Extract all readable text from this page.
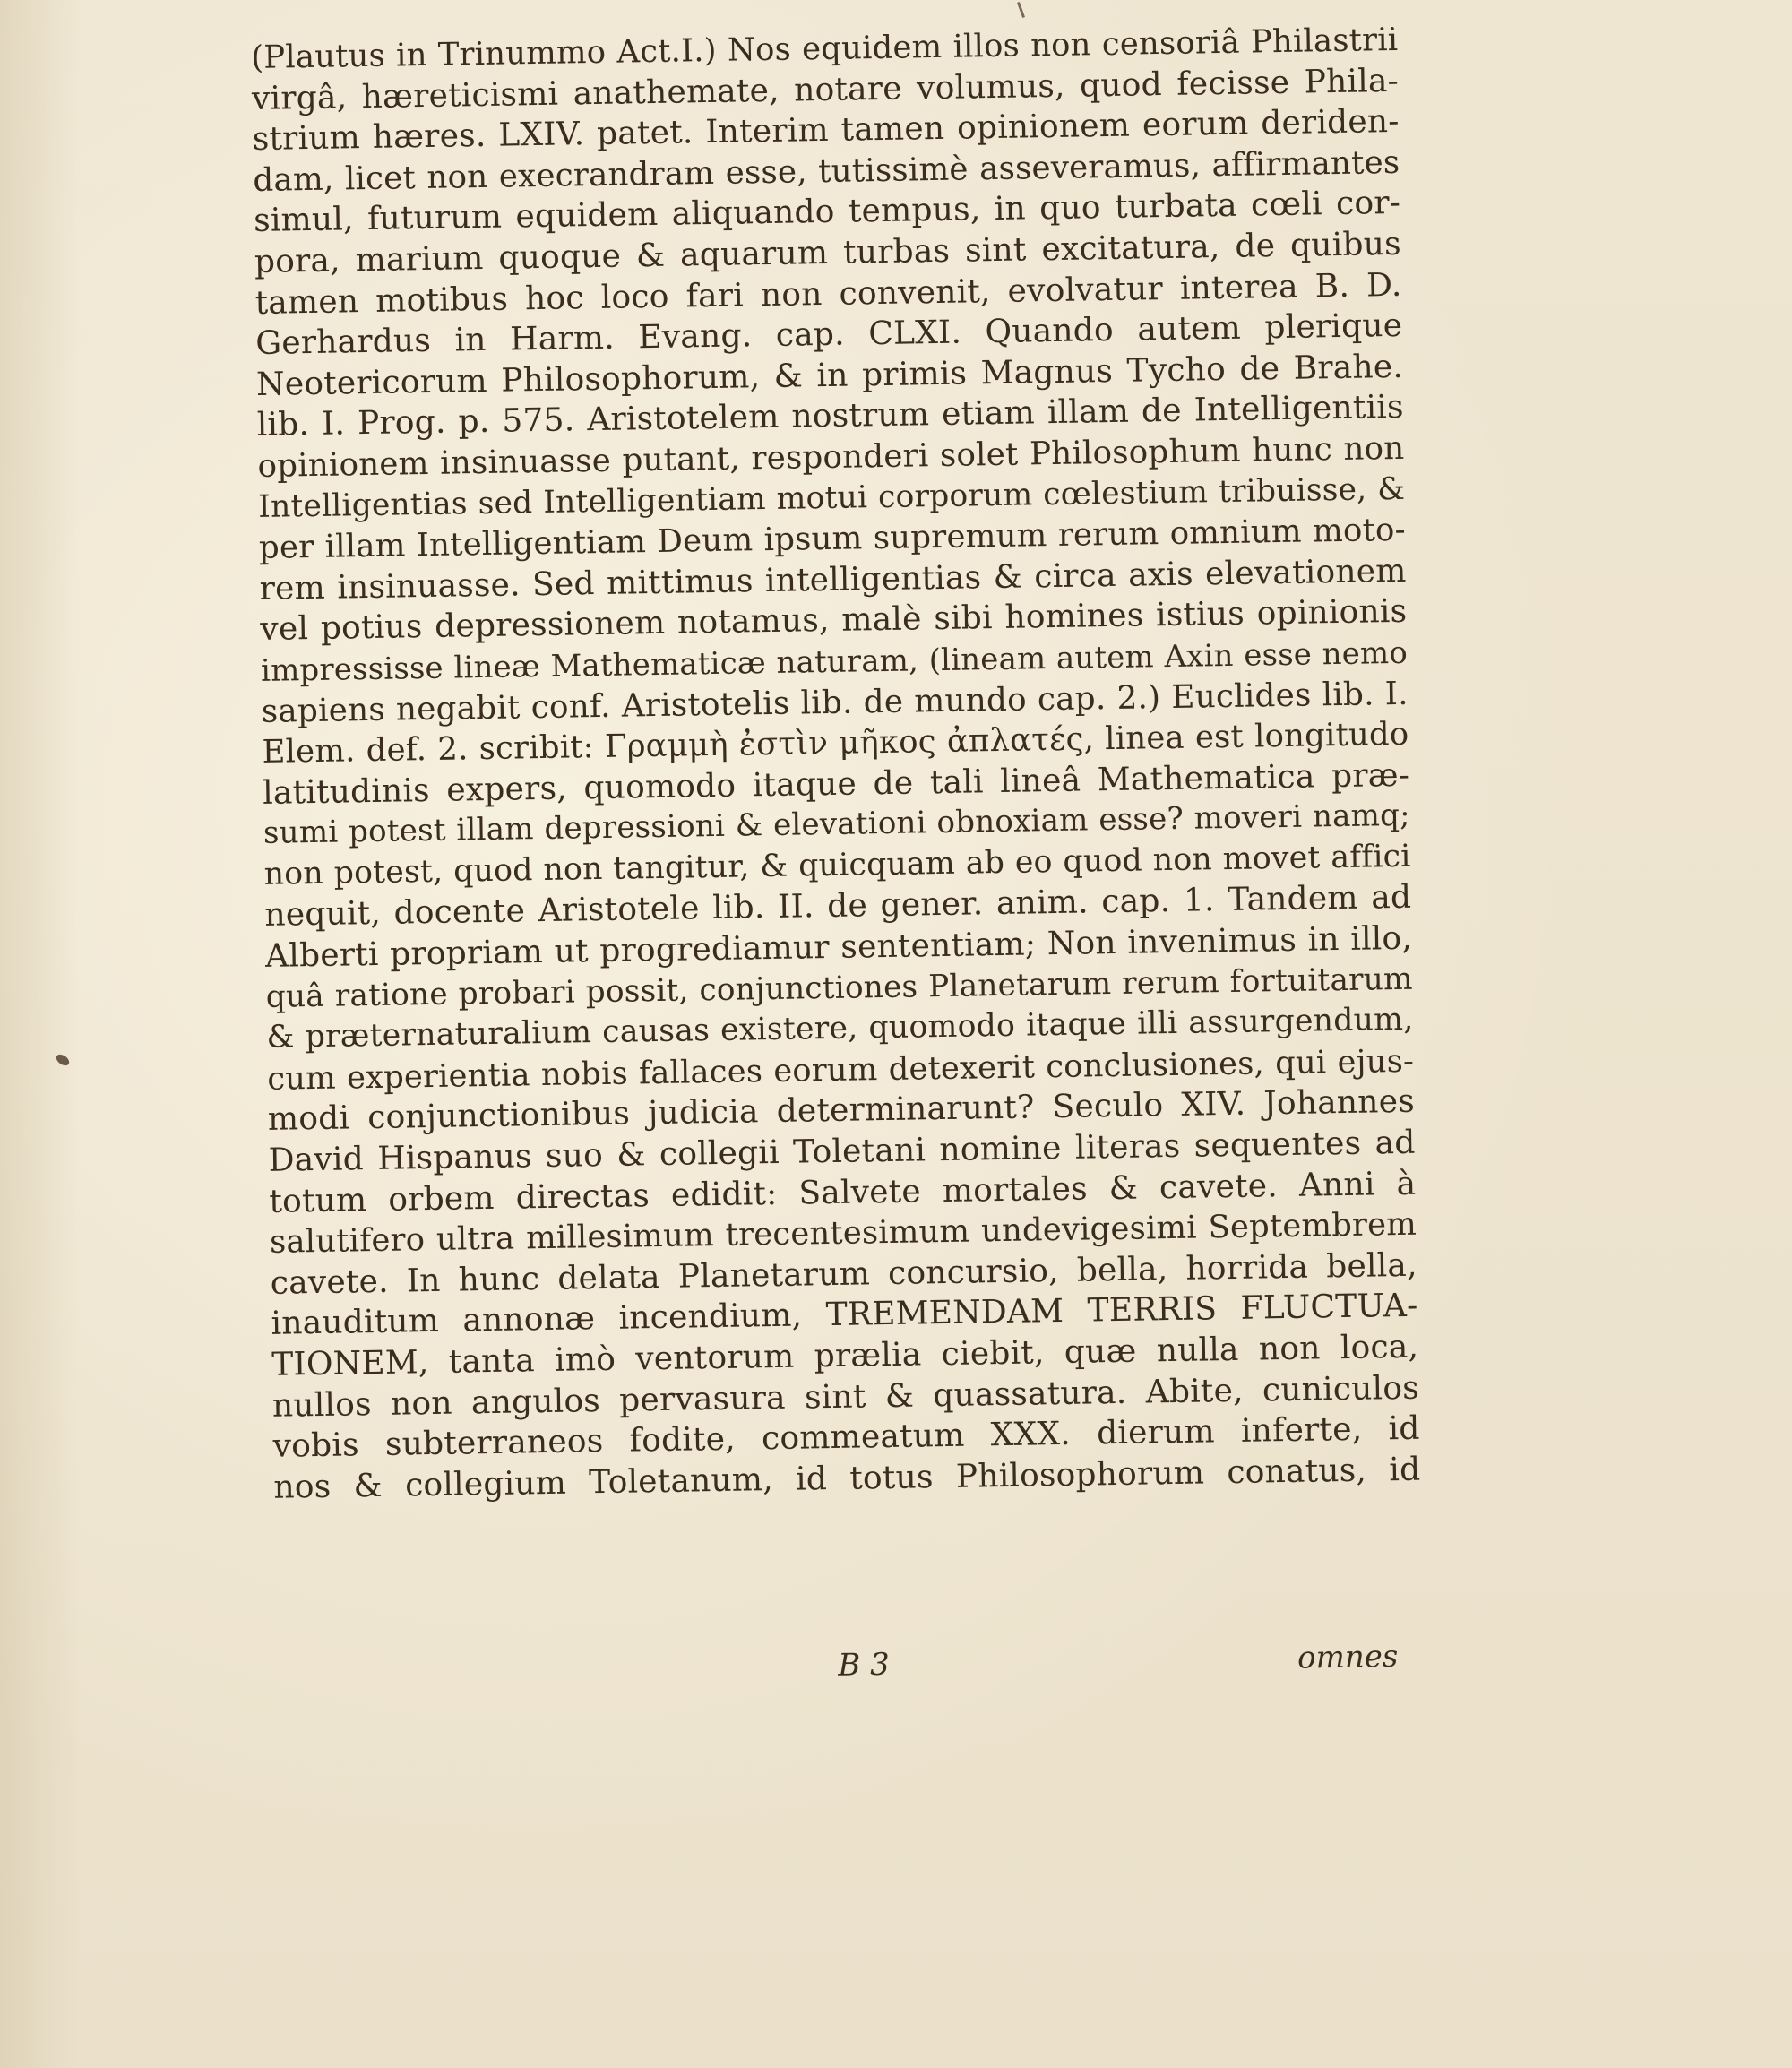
(Plautus in Trinummo Act.I.) Nos equidem illos non censoriâ Philastrii
virgâ, hæreticismi anathemate, notare volumus, quod fecisse Phila-
strium hæres. LXIV. patet. Interim tamen opinionem eorum deriden-
dam, licet non execrandram esse, tutissimè asseveramus, affirmantes
simul, futurum equidem aliquando tempus, in quo turbata cœli cor-
pora, marium quoque & aquarum turbas sint excitatura, de quibus
tamen motibus hoc loco fari non convenit, evolvatur interea B. D.
Gerhardus in Harm. Evang. cap. CLXI. Quando autem plerique
Neotericorum Philosophorum, & in primis Magnus Tycho de Brahe.
lib. I. Prog. p. 575. Aristotelem nostrum etiam illam de Intelligentiis
opinionem insinuasse putant, responderi solet Philosophum hunc non
Intelligentias sed Intelligentiam motui corporum cœlestium tribuisse, &
per illam Intelligentiam Deum ipsum supremum rerum omnium moto-
rem insinuasse. Sed mittimus intelligentias & circa axis elevationem
vel potius depressionem notamus, malè sibi homines istius opinionis
impressisse lineæ Mathematicæ naturam, (lineam autem Axin esse nemo
sapiens negabit conf. Aristotelis lib. de mundo cap. 2.) Euclides lib. I.
Elem. def. 2. scribit: Γραμμὴ ἐστὶν μῆκος ἀπλατές, linea est longitudo
latitudinis expers, quomodo itaque de tali lineâ Mathematica præ-
sumi potest illam depressioni & elevationi obnoxiam esse? moveri namq;
non potest, quod non tangitur, & quicquam ab eo quod non movet affici
nequit, docente Aristotele lib. II. de gener. anim. cap. 1. Tandem ad
Alberti propriam ut progrediamur sententiam; Non invenimus in illo,
quâ ratione probari possit, conjunctiones Planetarum rerum fortuitarum
& præternaturalium causas existere, quomodo itaque illi assurgendum,
cum experientia nobis fallaces eorum detexerit conclusiones, qui ejus-
modi conjunctionibus judicia determinarunt? Seculo XIV. Johannes
David Hispanus suo & collegii Toletani nomine literas sequentes ad
totum orbem directas edidit: Salvete mortales & cavete. Anni à
salutifero ultra millesimum trecentesimum undevigesimi Septembrem
cavete. In hunc delata Planetarum concursio, bella, horrida bella,
inauditum annonæ incendium, TREMENDAM TERRIS FLUCTUA-
TIONEM, tanta imò ventorum prælia ciebit, quæ nulla non loca,
nullos non angulos pervasura sint & quassatura. Abite, cuniculos
vobis subterraneos fodite, commeatum XXX. dierum inferte, id
nos & collegium Toletanum, id totus Philosophorum conatus, id
B 3	omnes
